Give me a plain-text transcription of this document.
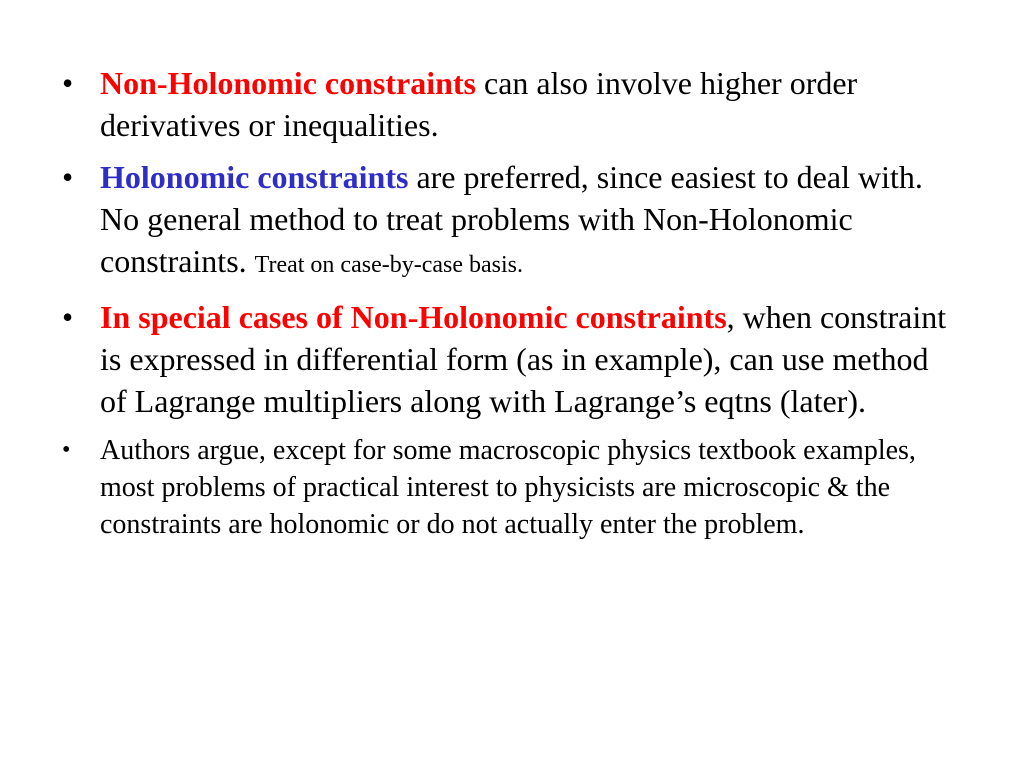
• Non-Holonomic constraints can also involve higher order derivatives or inequalities.
• Holonomic constraints are preferred, since easiest to deal with. No general method to treat problems with Non-Holonomic constraints. Treat on case-by-case basis.
• In special cases of Non-Holonomic constraints, when constraint is expressed in differential form (as in example), can use method of Lagrange multipliers along with Lagrange’s eqtns (later).
• Authors argue, except for some macroscopic physics textbook examples, most problems of practical interest to physicists are microscopic & the constraints are holonomic or do not actually enter the problem.
